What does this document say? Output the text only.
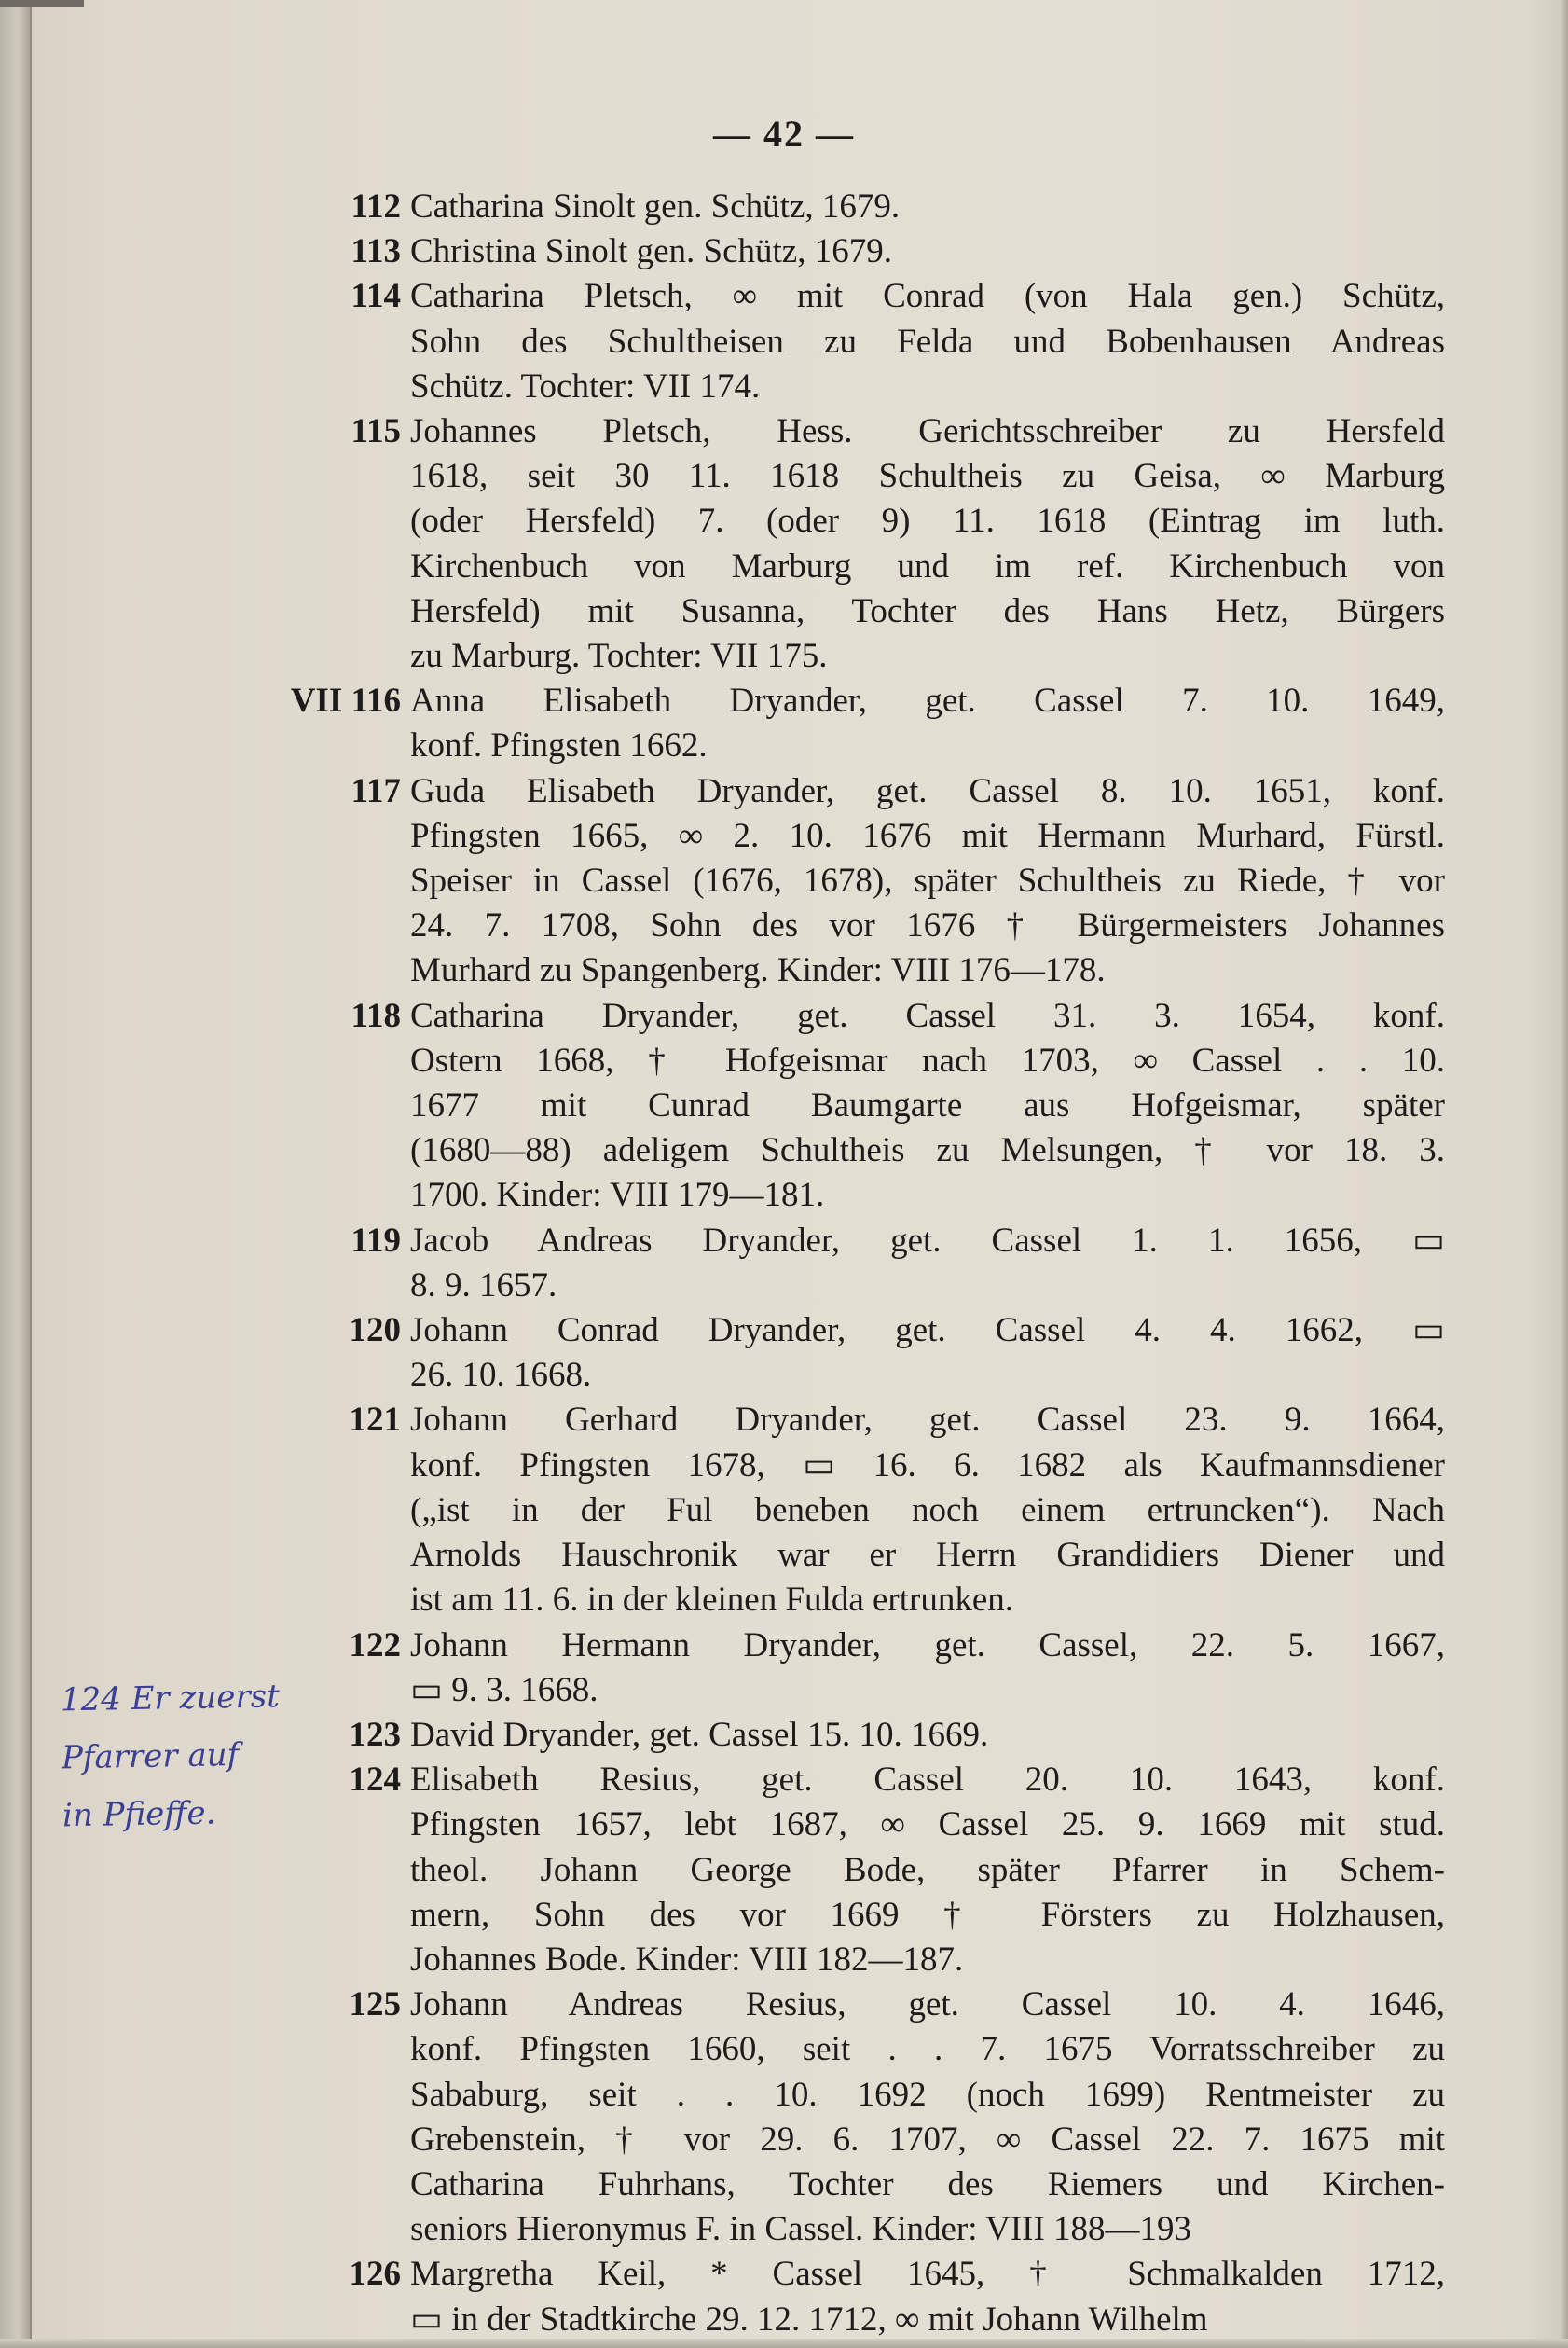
— 42 —
112 Catharina Sinolt gen. Schütz, 1679.
113 Christina Sinolt gen. Schütz, 1679.
114 Catharina Pletsch, ∞ mit Conrad (von Hala gen.) Schütz,
Sohn des Schultheisen zu Felda und Bobenhausen Andreas
Schütz. Tochter: VII 174.
115 Johannes Pletsch, Hess. Gerichtsschreiber zu Hersfeld
1618, seit 30 11. 1618 Schultheis zu Geisa, ∞ Marburg
(oder Hersfeld) 7. (oder 9) 11. 1618 (Eintrag im luth.
Kirchenbuch von Marburg und im ref. Kirchenbuch von
Hersfeld) mit Susanna, Tochter des Hans Hetz, Bürgers
zu Marburg. Tochter: VII 175.
VII 116 Anna Elisabeth Dryander, get. Cassel 7. 10. 1649,
konf. Pfingsten 1662.
117 Guda Elisabeth Dryander, get. Cassel 8. 10. 1651, konf.
Pfingsten 1665, ∞ 2. 10. 1676 mit Hermann Murhard, Fürstl.
Speiser in Cassel (1676, 1678), später Schultheis zu Riede, † vor
24. 7. 1708, Sohn des vor 1676 † Bürgermeisters Johannes
Murhard zu Spangenberg. Kinder: VIII 176—178.
118 Catharina Dryander, get. Cassel 31. 3. 1654, konf.
Ostern 1668, † Hofgeismar nach 1703, ∞ Cassel . . 10.
1677 mit Cunrad Baumgarte aus Hofgeismar, später
(1680—88) adeligem Schultheis zu Melsungen, † vor 18. 3.
1700. Kinder: VIII 179—181.
119 Jacob Andreas Dryander, get. Cassel 1. 1. 1656, ▭
8. 9. 1657.
120 Johann Conrad Dryander, get. Cassel 4. 4. 1662, ▭
26. 10. 1668.
121 Johann Gerhard Dryander, get. Cassel 23. 9. 1664,
konf. Pfingsten 1678, ▭ 16. 6. 1682 als Kaufmannsdiener
(„ist in der Ful beneben noch einem ertruncken“). Nach
Arnolds Hauschronik war er Herrn Grandidiers Diener und
ist am 11. 6. in der kleinen Fulda ertrunken.
122 Johann Hermann Dryander, get. Cassel, 22. 5. 1667,
▭ 9. 3. 1668.
123 David Dryander, get. Cassel 15. 10. 1669.
124 Elisabeth Resius, get. Cassel 20. 10. 1643, konf.
Pfingsten 1657, lebt 1687, ∞ Cassel 25. 9. 1669 mit stud.
theol. Johann George Bode, später Pfarrer in Schem-
mern, Sohn des vor 1669 † Försters zu Holzhausen,
Johannes Bode. Kinder: VIII 182—187.
125 Johann Andreas Resius, get. Cassel 10. 4. 1646,
konf. Pfingsten 1660, seit . . 7. 1675 Vorratsschreiber zu
Sababurg, seit . . 10. 1692 (noch 1699) Rentmeister zu
Grebenstein, † vor 29. 6. 1707, ∞ Cassel 22. 7. 1675 mit
Catharina Fuhrhans, Tochter des Riemers und Kirchen-
seniors Hieronymus F. in Cassel. Kinder: VIII 188—193
126 Margretha Keil, * Cassel 1645, † Schmalkalden 1712,
▭ in der Stadtkirche 29. 12. 1712, ∞ mit Johann Wilhelm
124 Er zuerst
Pfarrer auf
in Pfieffe.
